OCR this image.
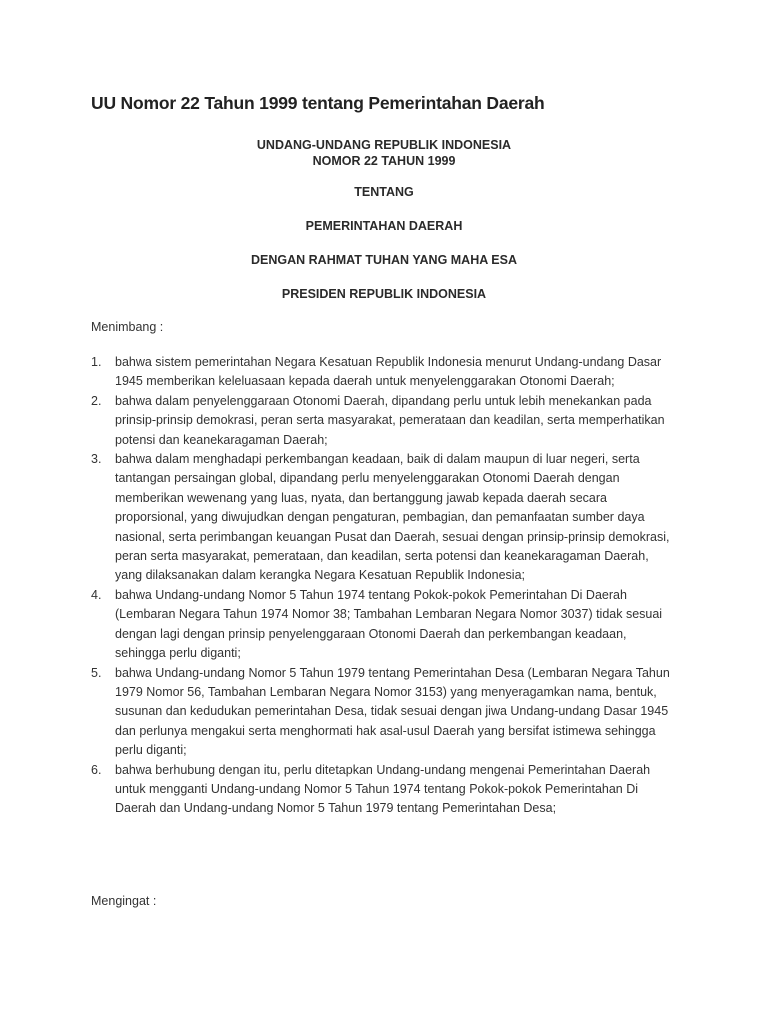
UU Nomor 22 Tahun 1999 tentang Pemerintahan Daerah
UNDANG-UNDANG REPUBLIK INDONESIA
NOMOR 22 TAHUN 1999
TENTANG
PEMERINTAHAN DAERAH
DENGAN RAHMAT TUHAN YANG MAHA ESA
PRESIDEN REPUBLIK INDONESIA

Menimbang :

1. bahwa sistem pemerintahan Negara Kesatuan Republik Indonesia menurut Undang-undang Dasar 1945 memberikan keleluasaan kepada daerah untuk menyelenggarakan Otonomi Daerah;
2. bahwa dalam penyelenggaraan Otonomi Daerah, dipandang perlu untuk lebih menekankan pada prinsip-prinsip demokrasi, peran serta masyarakat, pemerataan dan keadilan, serta memperhatikan potensi dan keanekaragaman Daerah;
3. bahwa dalam menghadapi perkembangan keadaan, baik di dalam maupun di luar negeri, serta tantangan persaingan global, dipandang perlu menyelenggarakan Otonomi Daerah dengan memberikan wewenang yang luas, nyata, dan bertanggung jawab kepada daerah secara proporsional, yang diwujudkan dengan pengaturan, pembagian, dan pemanfaatan sumber daya nasional, serta perimbangan keuangan Pusat dan Daerah, sesuai dengan prinsip-prinsip demokrasi, peran serta masyarakat, pemerataan, dan keadilan, serta potensi dan keanekaragaman Daerah, yang dilaksanakan dalam kerangka Negara Kesatuan Republik Indonesia;
4. bahwa Undang-undang Nomor 5 Tahun 1974 tentang Pokok-pokok Pemerintahan Di Daerah (Lembaran Negara Tahun 1974 Nomor 38; Tambahan Lembaran Negara Nomor 3037) tidak sesuai dengan lagi dengan prinsip penyelenggaraan Otonomi Daerah dan perkembangan keadaan, sehingga perlu diganti;
5. bahwa Undang-undang Nomor 5 Tahun 1979 tentang Pemerintahan Desa (Lembaran Negara Tahun 1979 Nomor 56, Tambahan Lembaran Negara Nomor 3153) yang menyeragamkan nama, bentuk, susunan dan kedudukan pemerintahan Desa, tidak sesuai dengan jiwa Undang-undang Dasar 1945 dan perlunya mengakui serta menghormati hak asal-usul Daerah yang bersifat istimewa sehingga perlu diganti;
6. bahwa berhubung dengan itu, perlu ditetapkan Undang-undang mengenai Pemerintahan Daerah untuk mengganti Undang-undang Nomor 5 Tahun 1974 tentang Pokok-pokok Pemerintahan Di Daerah dan Undang-undang Nomor 5 Tahun 1979 tentang Pemerintahan Desa;

Mengingat :
